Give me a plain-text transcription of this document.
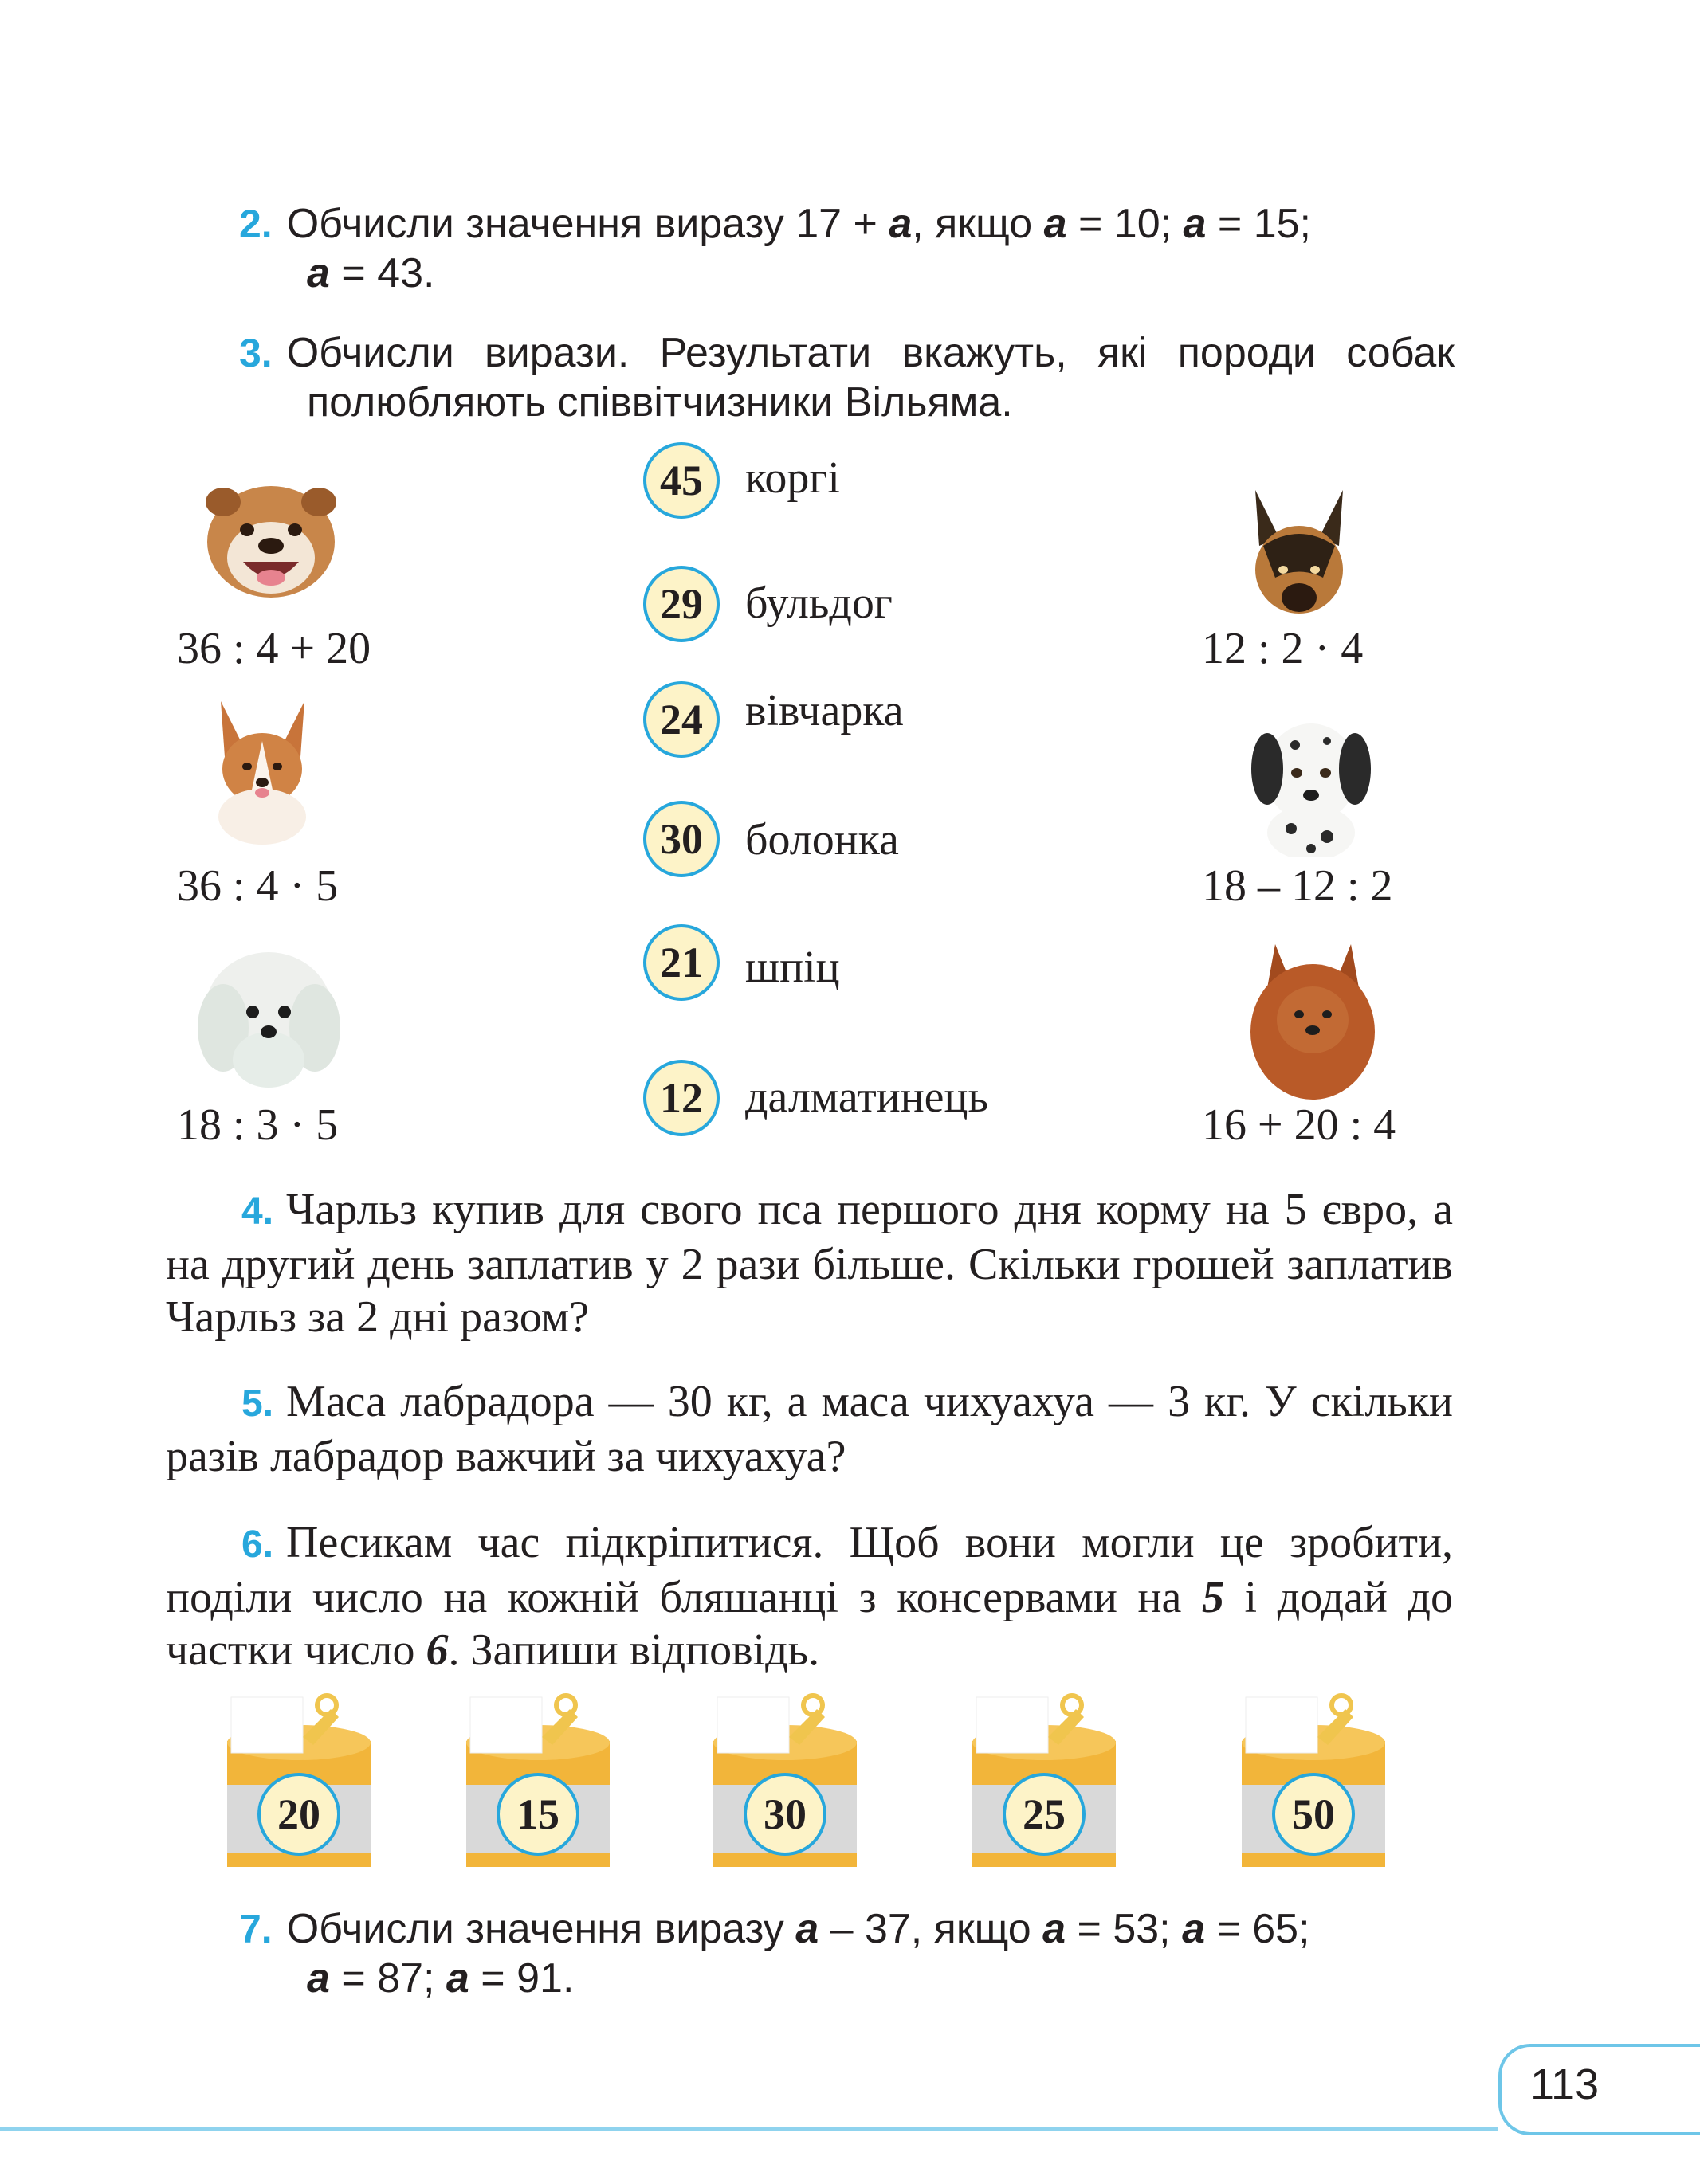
2. Обчисли значення виразу 17 + а, якщо а = 10; а = 15;
а = 43.
3. Обчисли вирази. Результати вкажуть, які породи собак полюбляють співвітчизники Вільяма.
36 : 4 + 20
36 : 4 · 5
18 : 3 · 5
12 : 2 · 4
18 – 12 : 2
16 + 20 : 4
45 коргі
29 бульдог
24 вівчарка
30 болонка
21 шпіц
12 далматинець
4. Чарльз купив для свого пса першого дня корму на 5 євро, а на другий день заплатив у 2 рази більше. Скільки грошей заплатив Чарльз за 2 дні разом?
5. Маса лабрадора — 30 кг, а маса чихуахуа — 3 кг. У скільки разів лабрадор важчий за чихуахуа?
6. Песикам час підкріпитися. Щоб вони могли це зробити, поділи число на кожній бляшанці з консервами на 5 і додай до частки число 6. Запиши відповідь.
20	15	30	25	50
7. Обчисли значення виразу а – 37, якщо а = 53; а = 65;
а = 87; а = 91.
113
